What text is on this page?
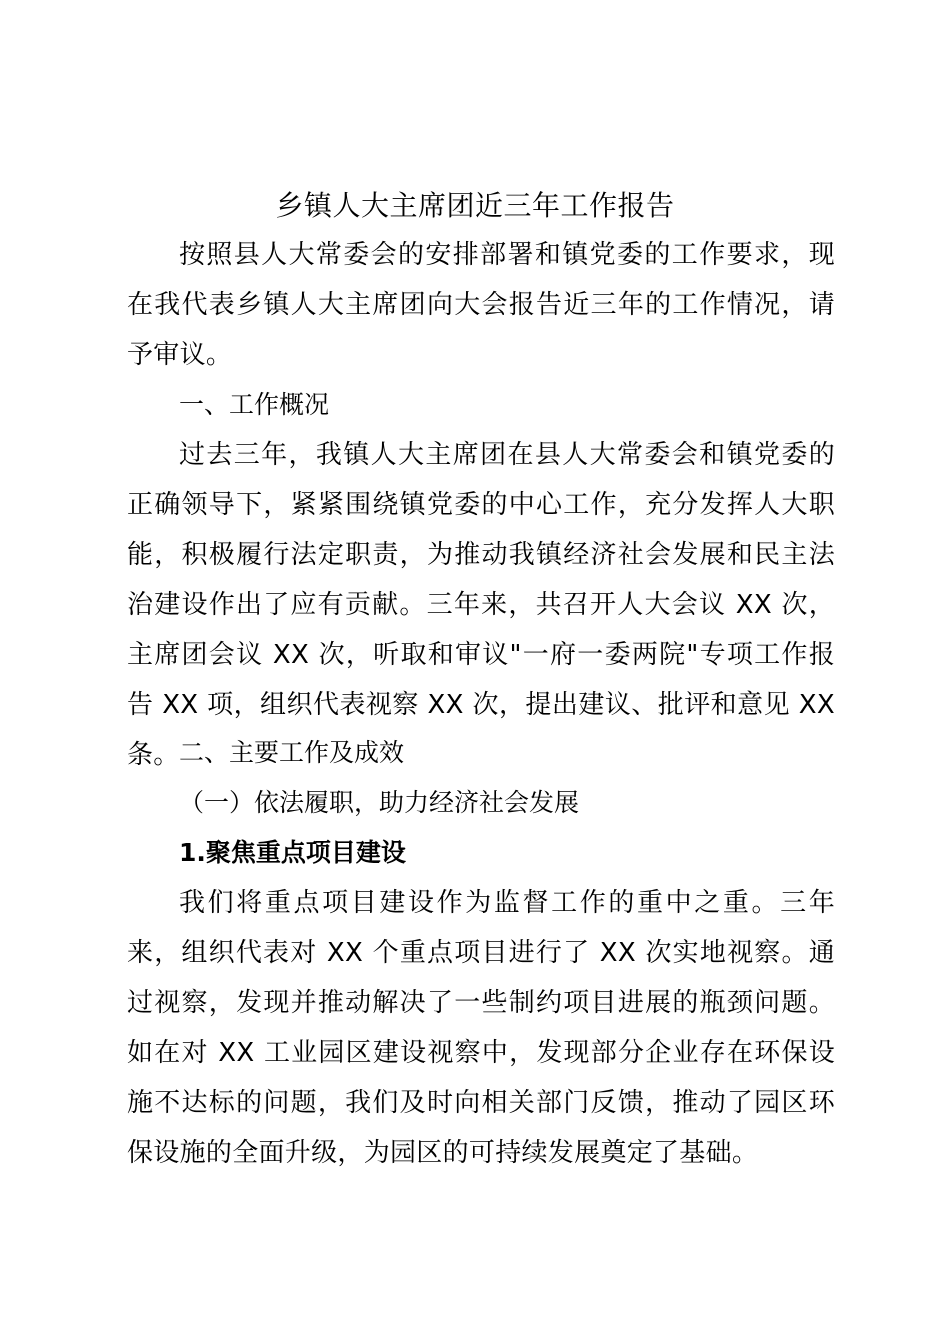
乡镇人大主席团近三年工作报告

按照县人大常委会的安排部署和镇党委的工作要求，现在我代表乡镇人大主席团向大会报告近三年的工作情况，请予审议。

一、工作概况

过去三年，我镇人大主席团在县人大常委会和镇党委的正确领导下，紧紧围绕镇党委的中心工作，充分发挥人大职能，积极履行法定职责，为推动我镇经济社会发展和民主法治建设作出了应有贡献。三年来，共召开人大会议 XX 次，主席团会议 XX 次，听取和审议"一府一委两院"专项工作报告 XX 项，组织代表视察 XX 次，提出建议、批评和意见 XX 条。 二、主要工作及成效
（一）依法履职，助力经济社会发展
1.聚焦重点项目建设

我们将重点项目建设作为监督工作的重中之重。三年来，组织代表对 XX 个重点项目进行了 XX 次实地视察。通过视察，发现并推动解决了一些制约项目进展的瓶颈问题。如在对 XX 工业园区建设视察中，发现部分企业存在环保设施不达标的问题，我们及时向相关部门反馈，推动了园区环保设施的全面升级，为园区的可持续发展奠定了基础。
